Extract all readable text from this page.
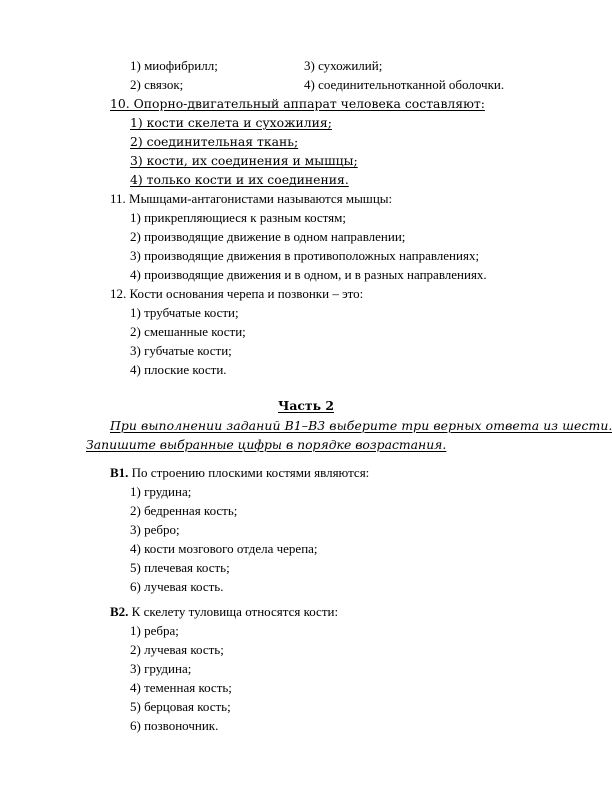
1) миофибрилл;	3) сухожилий;
2) связок;	4) соединительнотканной оболочки.
10. Опорно-двигательный аппарат человека составляют:
1) кости скелета и сухожилия;
2) соединительная ткань;
3) кости, их соединения и мышцы;
4) только кости и их соединения.
11. Мышцами-антагонистами называются мышцы:
1) прикрепляющиеся к разным костям;
2) производящие движение в одном направлении;
3) производящие движения в противоположных направлениях;
4) производящие движения и в одном, и в разных направлениях.
12. Кости основания черепа и позвонки – это:
1) трубчатые кости;
2) смешанные кости;
3) губчатые кости;
4) плоские кости.
Часть 2
При выполнении заданий В1–В3 выберите три верных ответа из шести.
Запишите выбранные цифры в порядке возрастания.
В1. По строению плоскими костями являются:
1) грудина;
2) бедренная кость;
3) ребро;
4) кости мозгового отдела черепа;
5) плечевая кость;
6) лучевая кость.
В2. К скелету туловища относятся кости:
1) ребра;
2) лучевая кость;
3) грудина;
4) теменная кость;
5) берцовая кость;
6) позвоночник.
